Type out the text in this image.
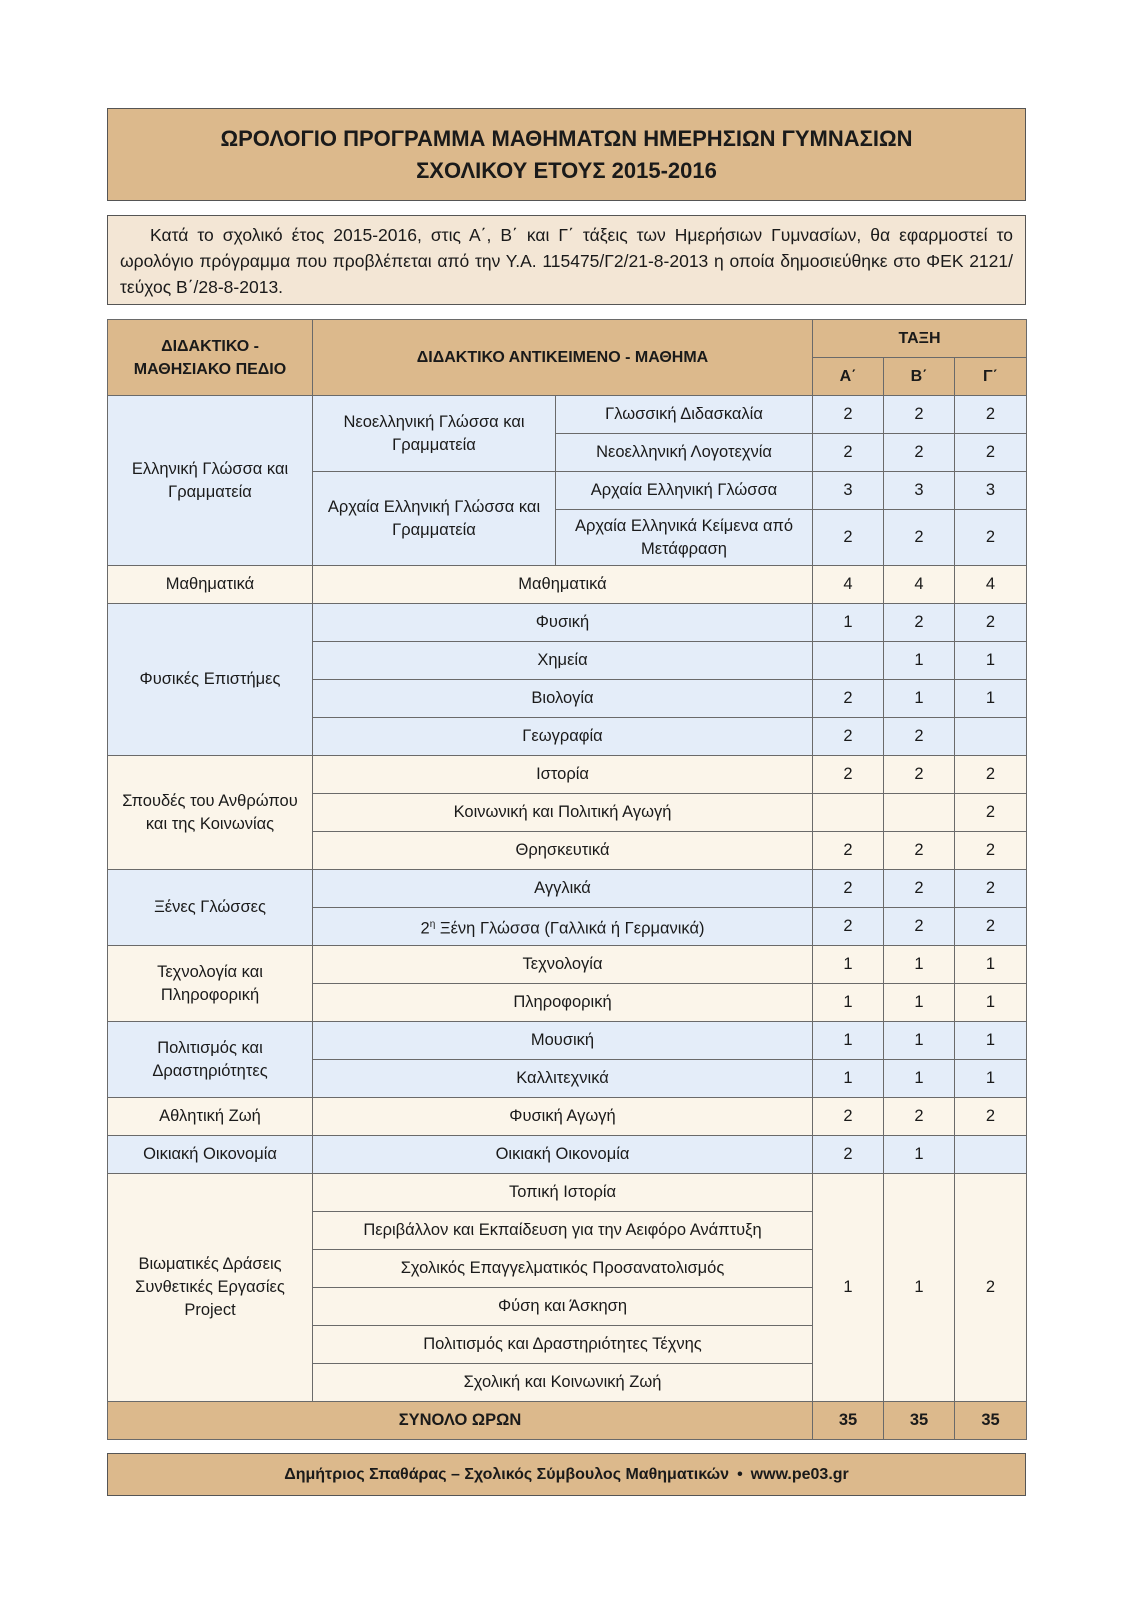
ΩΡΟΛΟΓΙΟ ΠΡΟΓΡΑΜΜΑ ΜΑΘΗΜΑΤΩΝ ΗΜΕΡΗΣΙΩΝ ΓΥΜΝΑΣΙΩΝ
ΣΧΟΛΙΚΟΥ ΕΤΟΥΣ 2015-2016

Κατά το σχολικό έτος 2015-2016, στις Α΄, Β΄ και Γ΄ τάξεις των Ημερήσιων Γυμνασίων, θα εφαρμοστεί το ωρολόγιο πρόγραμμα που προβλέπεται από την Υ.Α. 115475/Γ2/21-8-2013 η οποία δημοσιεύθηκε στο ΦΕΚ 2121/τεύχος Β΄/28-8-2013.

ΔΙΔΑΚΤΙΚΟ - ΜΑΘΗΣΙΑΚΟ ΠΕΔΙΟ	ΔΙΔΑΚΤΙΚΟ ΑΝΤΙΚΕΙΜΕΝΟ - ΜΑΘΗΜΑ		ΤΑΞΗ		
			Α΄	Β΄	Γ΄
Ελληνική Γλώσσα και Γραμματεία	Νεοελληνική Γλώσσα και Γραμματεία	Γλωσσική Διδασκαλία	2	2	2
		Νεοελληνική Λογοτεχνία	2	2	2
	Αρχαία Ελληνική Γλώσσα και Γραμματεία	Αρχαία Ελληνική Γλώσσα	3	3	3
		Αρχαία Ελληνικά Κείμενα από Μετάφραση	2	2	2
Μαθηματικά	Μαθηματικά		4	4	4
Φυσικές Επιστήμες	Φυσική		1	2	2
	Χημεία			1	1
	Βιολογία		2	1	1
	Γεωγραφία		2	2	
Σπουδές του Ανθρώπου και της Κοινωνίας	Ιστορία		2	2	2
	Κοινωνική και Πολιτική Αγωγή				2
	Θρησκευτικά		2	2	2
Ξένες Γλώσσες	Αγγλικά		2	2	2
	$2^\eta$ Ξένη Γλώσσα (Γαλλικά ή Γερμανικά)		2	2	2
Τεχνολογία και Πληροφορική	Τεχνολογία		1	1	1
	Πληροφορική		1	1	1
Πολιτισμός και Δραστηριότητες	Μουσική		1	1	1
	Καλλιτεχνικά		1	1	1
Αθλητική Ζωή	Φυσική Αγωγή		2	2	2
Οικιακή Οικονομία	Οικιακή Οικονομία		2	1	

Βιωματικές Δράσεις
Συνθετικές Εργασίες
Project	Τοπική Ιστορία		1	1	2
	Περιβάλλον και Εκπαίδευση για την Αειφόρο Ανάπτυξη				
	Σχολικός Επαγγελματικός Προσανατολισμός				
	Φύση και Άσκηση				
	Πολιτισμός και Δραστηριότητες Τέχνης				
	Σχολική και Κοινωνική Ζωή				
ΣΥΝΟΛΟ ΩΡΩΝ			35	35	35
Δημήτριος Σπαθάρας – Σχολικός Σύμβουλος Μαθηματικών • www.pe03.gr
